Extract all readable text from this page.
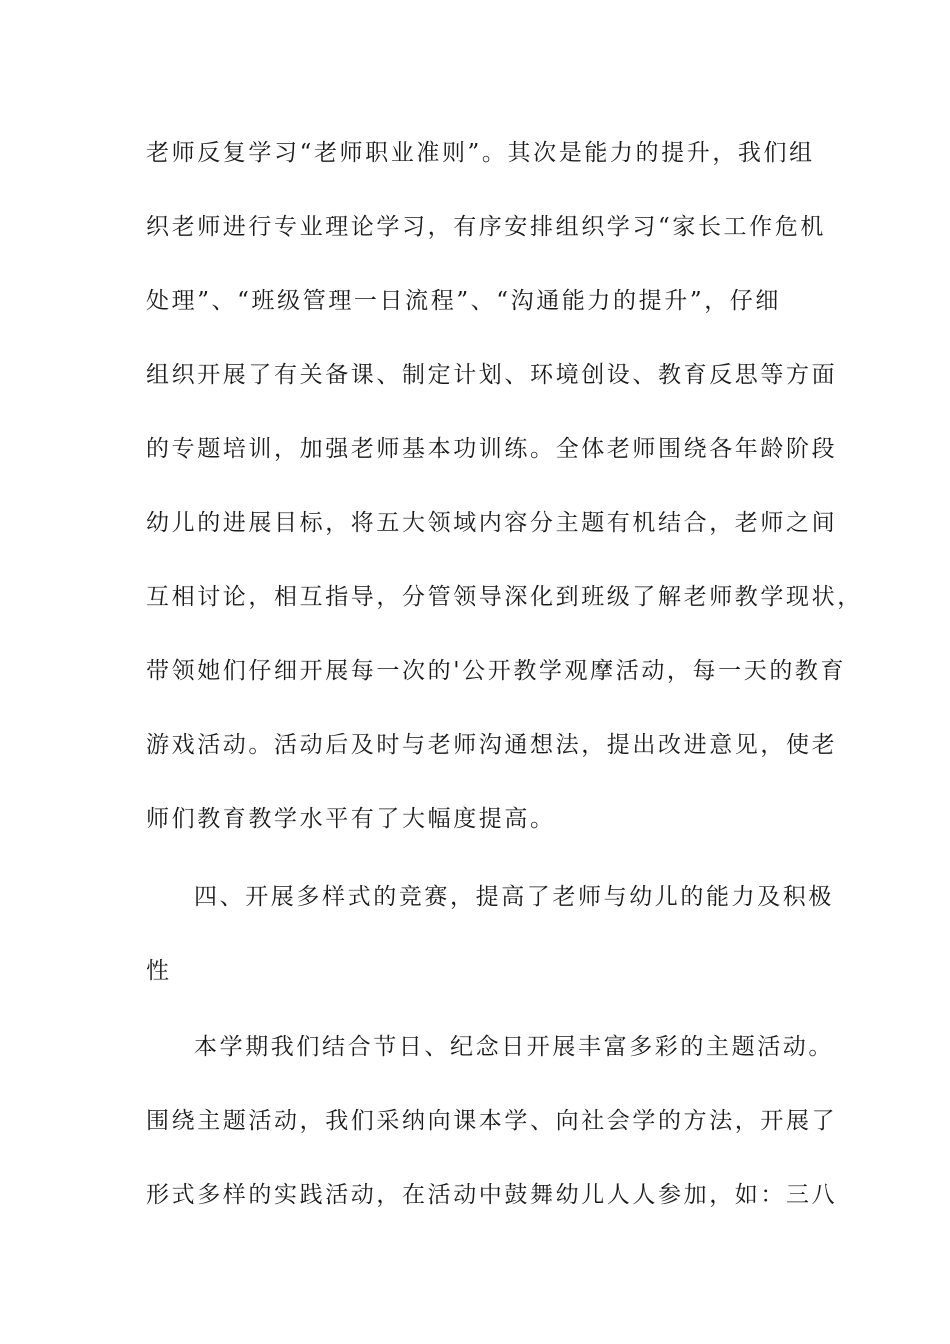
老师反复学习“老师职业准则”。其次是能力的提升，我们组
织老师进行专业理论学习，有序安排组织学习“家长工作危机
处理”、“班级管理一日流程”、“沟通能力的提升”，仔细
组织开展了有关备课、制定计划、环境创设、教育反思等方面
的专题培训，加强老师基本功训练。全体老师围绕各年龄阶段
幼儿的进展目标，将五大领域内容分主题有机结合，老师之间
互相讨论，相互指导，分管领导深化到班级了解老师教学现状，
带领她们仔细开展每一次的'公开教学观摩活动，每一天的教育
游戏活动。活动后及时与老师沟通想法，提出改进意见，使老
师们教育教学水平有了大幅度提高。
四、开展多样式的竞赛，提高了老师与幼儿的能力及积极
性
本学期我们结合节日、纪念日开展丰富多彩的主题活动。
围绕主题活动，我们采纳向课本学、向社会学的方法，开展了
形式多样的实践活动，在活动中鼓舞幼儿人人参加，如：三八
